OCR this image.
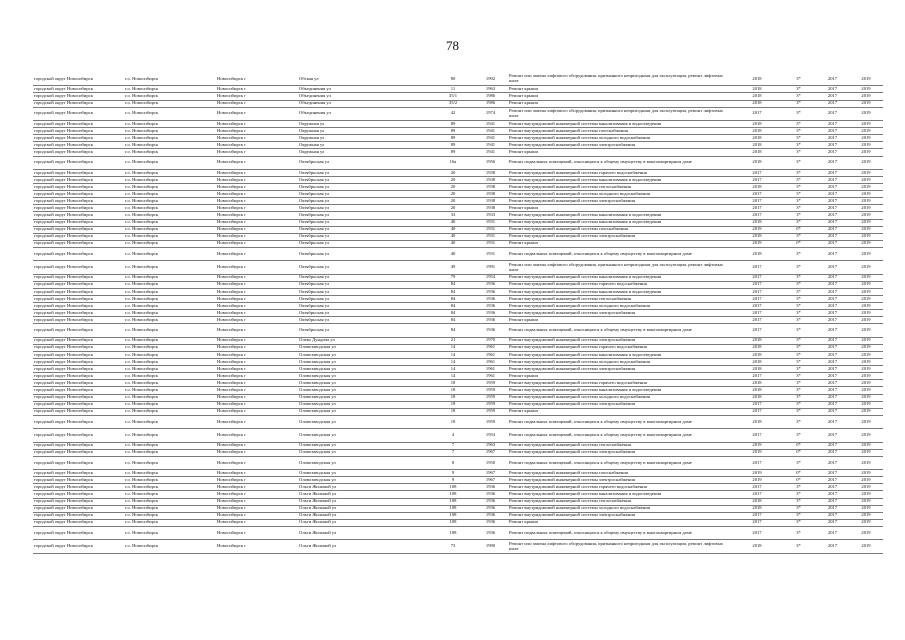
78
городской округ Новосибирск	г.о. Новосибирск	Новосибирск г	Обская ул	80	1992	Ремонт или замена лифтового оборудования, признанного непригодным для эксплуатации, ремонт лифтовых шахт	2018	3*	2017	2019
городской округ Новосибирск	г.о. Новосибирск	Новосибирск г	Объединения ул	11	1963	Ремонт крыши	2018	3*	2017	2019
городской округ Новосибирск	г.о. Новосибирск	Новосибирск г	Объединения ул	35/1	1986	Ремонт крыши	2018	3*	2017	2019
городской округ Новосибирск	г.о. Новосибирск	Новосибирск г	Объединения ул	35/2	1986	Ремонт крыши	2018	3*	2017	2019
городской округ Новосибирск	г.о. Новосибирск	Новосибирск г	Объединения ул	42	1974	Ремонт или замена лифтового оборудования, признанного непригодным для эксплуатации, ремонт лифтовых шахт	2017	3*	2017	2019
городской округ Новосибирск	г.о. Новосибирск	Новосибирск г	Окружная ул	89	1941	Ремонт внутридомовой инженерной системы канализования и водоотведения	2018	3*	2017	2019
городской округ Новосибирск	г.о. Новосибирск	Новосибирск г	Окружная ул	89	1941	Ремонт внутридомовой инженерной системы газоснабжения	2018	3*	2017	2019
городской округ Новосибирск	г.о. Новосибирск	Новосибирск г	Окружная ул	89	1941	Ремонт внутридомовой инженерной системы холодного водоснабжения	2018	3*	2017	2019
городской округ Новосибирск	г.о. Новосибирск	Новосибирск г	Окружная ул	89	1941	Ремонт внутридомовой инженерной системы электроснабжения	2018	3*	2017	2019
городской округ Новосибирск	г.о. Новосибирск	Новосибирск г	Окружная ул	89	1941	Ремонт крыши	2018	3*	2017	2019
городской округ Новосибирск	г.о. Новосибирск	Новосибирск г	Октябрьская ул	16а	1956	Ремонт подвальных помещений, относящихся к общему имуществу в многоквартирном доме	2018	3*	2017	2019
городской округ Новосибирск	г.о. Новосибирск	Новосибирск г	Октябрьская ул	20	1938	Ремонт внутридомовой инженерной системы горячего водоснабжения	2017	3*	2017	2019
городской округ Новосибирск	г.о. Новосибирск	Новосибирск г	Октябрьская ул	20	1938	Ремонт внутридомовой инженерной системы канализования и водоотведения	2017	3*	2017	2019
городской округ Новосибирск	г.о. Новосибирск	Новосибирск г	Октябрьская ул	20	1938	Ремонт внутридомовой инженерной системы теплоснабжения	2018	3*	2017	2019
городской округ Новосибирск	г.о. Новосибирск	Новосибирск г	Октябрьская ул	20	1938	Ремонт внутридомовой инженерной системы холодного водоснабжения	2017	3*	2017	2019
городской округ Новосибирск	г.о. Новосибирск	Новосибирск г	Октябрьская ул	20	1938	Ремонт внутридомовой инженерной системы электроснабжения	2017	3*	2017	2019
городской округ Новосибирск	г.о. Новосибирск	Новосибирск г	Октябрьская ул	20	1938	Ремонт крыши	2017	3*	2017	2019
городской округ Новосибирск	г.о. Новосибирск	Новосибирск г	Октябрьская ул	33	1933	Ремонт внутридомовой инженерной системы канализования и водоотведения	2017	3*	2017	2019
городской округ Новосибирск	г.о. Новосибирск	Новосибирск г	Октябрьская ул	40	1931	Ремонт внутридомовой инженерной системы канализования и водоотведения	2018	3*	2017	2019
городской округ Новосибирск	г.о. Новосибирск	Новосибирск г	Октябрьская ул	40	1931	Ремонт внутридомовой инженерной системы газоснабжения	2019	0*	2017	2019
городской округ Новосибирск	г.о. Новосибирск	Новосибирск г	Октябрьская ул	40	1931	Ремонт внутридомовой инженерной системы электроснабжения	2018	3*	2017	2019
городской округ Новосибирск	г.о. Новосибирск	Новосибирск г	Октябрьская ул	40	1931	Ремонт крыши	2019	0*	2017	2019
городской округ Новосибирск	г.о. Новосибирск	Новосибирск г	Октябрьская ул	40	1931	Ремонт подвальных помещений, относящихся к общему имуществу в многоквартирном доме	2018	3*	2017	2019
городской округ Новосибирск	г.о. Новосибирск	Новосибирск г	Октябрьская ул	49	1991	Ремонт или замена лифтового оборудования, признанного непригодным для эксплуатации, ремонт лифтовых шахт	2017	3*	2017	2019
городской округ Новосибирск	г.о. Новосибирск	Новосибирск г	Октябрьская ул	79	1954	Ремонт внутридомовой инженерной системы канализования и водоотведения	2017	3*	2017	2019
городской округ Новосибирск	г.о. Новосибирск	Новосибирск г	Октябрьская ул	84	1936	Ремонт внутридомовой инженерной системы горячего водоснабжения	2017	3*	2017	2019
городской округ Новосибирск	г.о. Новосибирск	Новосибирск г	Октябрьская ул	84	1936	Ремонт внутридомовой инженерной системы канализования и водоотведения	2017	3*	2017	2019
городской округ Новосибирск	г.о. Новосибирск	Новосибирск г	Октябрьская ул	84	1936	Ремонт внутридомовой инженерной системы теплоснабжения	2017	3*	2017	2019
городской округ Новосибирск	г.о. Новосибирск	Новосибирск г	Октябрьская ул	84	1936	Ремонт внутридомовой инженерной системы холодного водоснабжения	2017	3*	2017	2019
городской округ Новосибирск	г.о. Новосибирск	Новосибирск г	Октябрьская ул	84	1936	Ремонт внутридомовой инженерной системы электроснабжения	2017	3*	2017	2019
городской округ Новосибирск	г.о. Новосибирск	Новосибирск г	Октябрьская ул	84	1936	Ремонт крыши	2017	3*	2017	2019
городской округ Новосибирск	г.о. Новосибирск	Новосибирск г	Октябрьская ул	84	1936	Ремонт подвальных помещений, относящихся к общему имуществу в многоквартирном доме	2017	3*	2017	2019
городской округ Новосибирск	г.о. Новосибирск	Новосибирск г	Олеко Дундича ул	21	1970	Ремонт внутридомовой инженерной системы электроснабжения	2018	3*	2017	2019
городской округ Новосибирск	г.о. Новосибирск	Новосибирск г	Оловозаводская ул	14	1961	Ремонт внутридомовой инженерной системы горячего водоснабжения	2018	3*	2017	2019
городской округ Новосибирск	г.о. Новосибирск	Новосибирск г	Оловозаводская ул	14	1961	Ремонт внутридомовой инженерной системы канализования и водоотведения	2018	3*	2017	2019
городской округ Новосибирск	г.о. Новосибирск	Новосибирск г	Оловозаводская ул	14	1961	Ремонт внутридомовой инженерной системы холодного водоснабжения	2018	3*	2017	2019
городской округ Новосибирск	г.о. Новосибирск	Новосибирск г	Оловозаводская ул	14	1961	Ремонт внутридомовой инженерной системы электроснабжения	2018	3*	2017	2019
городской округ Новосибирск	г.о. Новосибирск	Новосибирск г	Оловозаводская ул	14	1961	Ремонт крыши	2017	3*	2017	2019
городской округ Новосибирск	г.о. Новосибирск	Новосибирск г	Оловозаводская ул	18	1959	Ремонт внутридомовой инженерной системы горячего водоснабжения	2018	3*	2017	2019
городской округ Новосибирск	г.о. Новосибирск	Новосибирск г	Оловозаводская ул	18	1959	Ремонт внутридомовой инженерной системы канализования и водоотведения	2018	3*	2017	2019
городской округ Новосибирск	г.о. Новосибирск	Новосибирск г	Оловозаводская ул	18	1959	Ремонт внутридомовой инженерной системы холодного водоснабжения	2018	3*	2017	2019
городской округ Новосибирск	г.о. Новосибирск	Новосибирск г	Оловозаводская ул	18	1959	Ремонт внутридомовой инженерной системы электроснабжения	2017	3*	2017	2019
городской округ Новосибирск	г.о. Новосибирск	Новосибирск г	Оловозаводская ул	18	1959	Ремонт крыши	2017	3*	2017	2019
городской округ Новосибирск	г.о. Новосибирск	Новосибирск г	Оловозаводская ул	18	1959	Ремонт подвальных помещений, относящихся к общему имуществу в многоквартирном доме	2018	3*	2017	2019
городской округ Новосибирск	г.о. Новосибирск	Новосибирск г	Оловозаводская ул	4	1954	Ремонт подвальных помещений, относящихся к общему имуществу в многоквартирном доме	2017	3*	2017	2019
городской округ Новосибирск	г.о. Новосибирск	Новосибирск г	Оловозаводская ул	7	1963	Ремонт внутридомовой инженерной системы теплоснабжения	2019	0*	2017	2019
городской округ Новосибирск	г.о. Новосибирск	Новосибирск г	Оловозаводская ул	7	1967	Ремонт внутридомовой инженерной системы электроснабжения	2019	0*	2017	2019
городской округ Новосибирск	г.о. Новосибирск	Новосибирск г	Оловозаводская ул	8	1950	Ремонт подвальных помещений, относящихся к общему имуществу в многоквартирном доме	2017	3*	2017	2019
городской округ Новосибирск	г.о. Новосибирск	Новосибирск г	Оловозаводская ул	9	1967	Ремонт внутридомовой инженерной системы газоснабжения	2019	0*	2017	2019
городской округ Новосибирск	г.о. Новосибирск	Новосибирск г	Оловозаводская ул	9	1967	Ремонт внутридомовой инженерной системы электроснабжения	2019	0*	2017	2019
городской округ Новосибирск	г.о. Новосибирск	Новосибирск г	Ольги Жилиной ул	108	1936	Ремонт внутридомовой инженерной системы горячего водоснабжения	2017	3*	2017	2019
городской округ Новосибирск	г.о. Новосибирск	Новосибирск г	Ольги Жилиной ул	108	1936	Ремонт внутридомовой инженерной системы канализования и водоотведения	2017	3*	2017	2019
городской округ Новосибирск	г.о. Новосибирск	Новосибирск г	Ольги Жилиной ул	108	1936	Ремонт внутридомовой инженерной системы теплоснабжения	2018	3*	2017	2019
городской округ Новосибирск	г.о. Новосибирск	Новосибирск г	Ольги Жилиной ул	108	1936	Ремонт внутридомовой инженерной системы холодного водоснабжения	2018	3*	2017	2019
городской округ Новосибирск	г.о. Новосибирск	Новосибирск г	Ольги Жилиной ул	108	1936	Ремонт внутридомовой инженерной системы электроснабжения	2017	3*	2017	2019
городской округ Новосибирск	г.о. Новосибирск	Новосибирск г	Ольги Жилиной ул	108	1936	Ремонт крыши	2017	3*	2017	2019
городской округ Новосибирск	г.о. Новосибирск	Новосибирск г	Ольги Жилиной ул	108	1936	Ремонт подвальных помещений, относящихся к общему имуществу в многоквартирном доме	2017	3*	2017	2019
городской округ Новосибирск	г.о. Новосибирск	Новосибирск г	Ольги Жилиной ул	73	1990	Ремонт или замена лифтового оборудования, признанного непригодным для эксплуатации, ремонт лифтовых шахт	2018	3*	2017	2019
